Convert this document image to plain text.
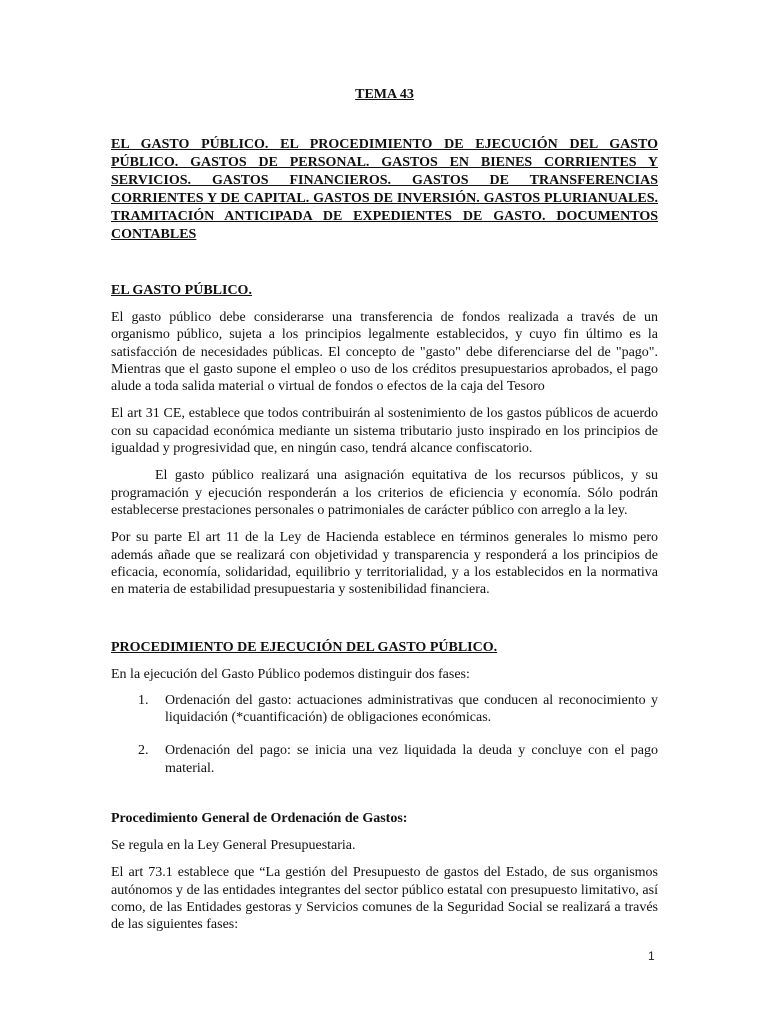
TEMA 43
EL GASTO PÚBLICO. EL PROCEDIMIENTO DE EJECUCIÓN DEL GASTO PÚBLICO. GASTOS DE PERSONAL. GASTOS EN BIENES CORRIENTES Y SERVICIOS. GASTOS FINANCIEROS. GASTOS DE TRANSFERENCIAS CORRIENTES Y DE CAPITAL. GASTOS DE INVERSIÓN. GASTOS PLURIANUALES. TRAMITACIÓN ANTICIPADA DE EXPEDIENTES DE GASTO. DOCUMENTOS CONTABLES
EL GASTO PÚBLICO.

El gasto público debe considerarse una transferencia de fondos realizada a través de un organismo público, sujeta a los principios legalmente establecidos, y cuyo fin último es la satisfacción de necesidades públicas. El concepto de "gasto" debe diferenciarse del de "pago". Mientras que el gasto supone el empleo o uso de los créditos presupuestarios aprobados, el pago alude a toda salida material o virtual de fondos o efectos de la caja del Tesoro

El art 31 CE, establece que todos contribuirán al sostenimiento de los gastos públicos de acuerdo con su capacidad económica mediante un sistema tributario justo inspirado en los principios de igualdad y progresividad que, en ningún caso, tendrá alcance confiscatorio.

El gasto público realizará una asignación equitativa de los recursos públicos, y su programación y ejecución responderán a los criterios de eficiencia y economía. Sólo podrán establecerse prestaciones personales o patrimoniales de carácter público con arreglo a la ley.

Por su parte El art 11 de la Ley de Hacienda establece en términos generales lo mismo pero además añade que se realizará con objetividad y transparencia y responderá a los principios de eficacia, economía, solidaridad, equilibrio y territorialidad, y a los establecidos en la normativa en materia de estabilidad presupuestaria y sostenibilidad financiera.

PROCEDIMIENTO DE EJECUCIÓN DEL GASTO PÚBLICO.

En la ejecución del Gasto Público podemos distinguir dos fases:

1. Ordenación del gasto: actuaciones administrativas que conducen al reconocimiento y liquidación (*cuantificación) de obligaciones económicas.
2. Ordenación del pago: se inicia una vez liquidada la deuda y concluye con el pago material.
Procedimiento General de Ordenación de Gastos:

Se regula en la Ley General Presupuestaria.

El art 73.1 establece que “La gestión del Presupuesto de gastos del Estado, de sus organismos autónomos y de las entidades integrantes del sector público estatal con presupuesto limitativo, así como, de las Entidades gestoras y Servicios comunes de la Seguridad Social se realizará a través de las siguientes fases:

1
